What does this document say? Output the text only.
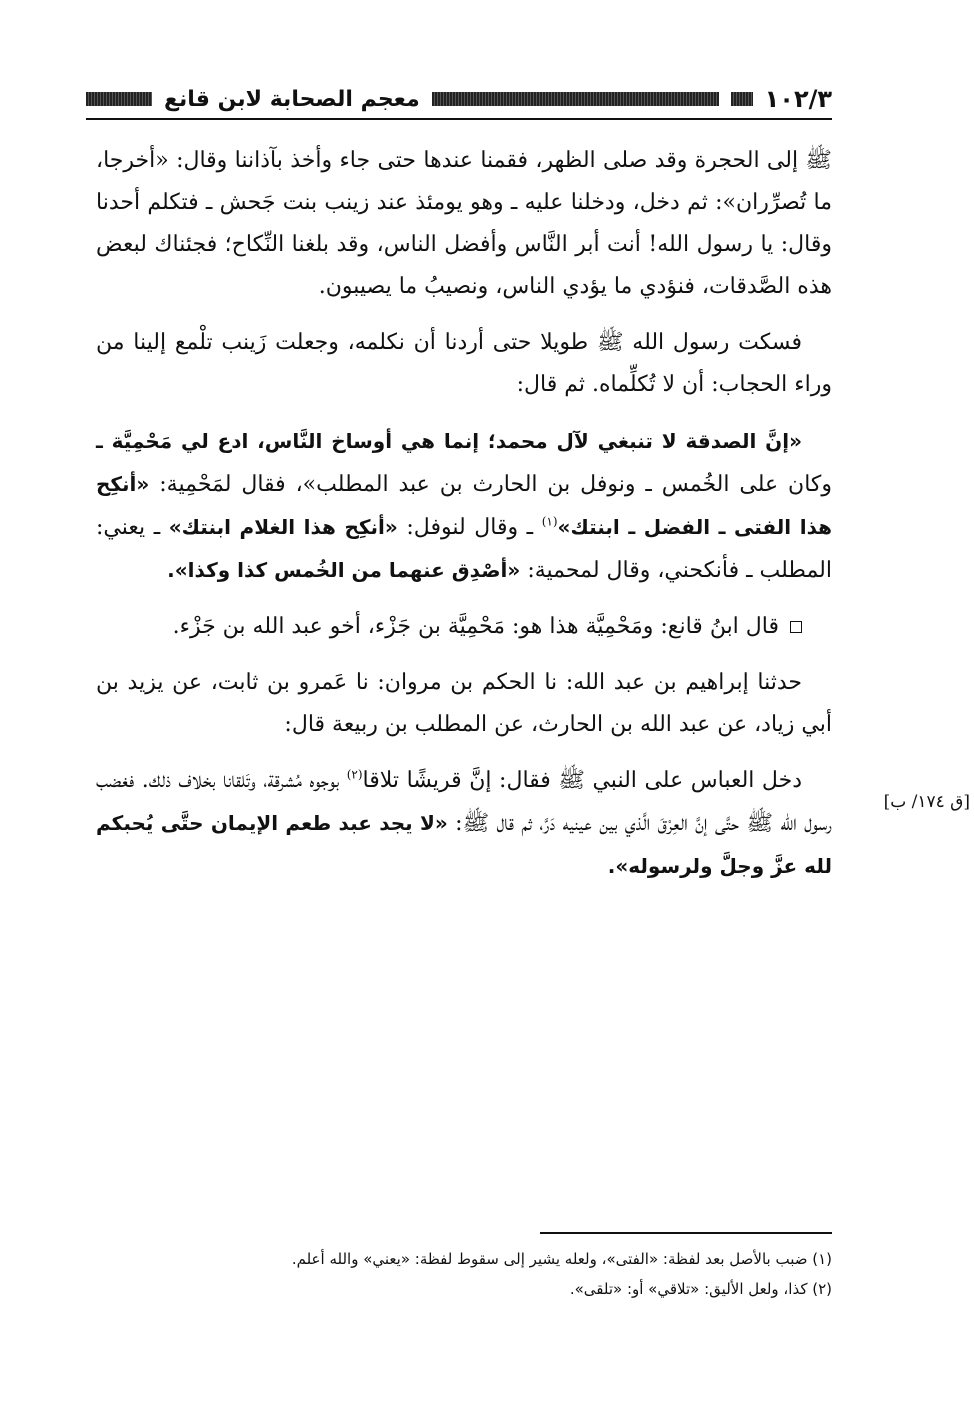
١٠٢/٣
معجم الصحابة لابن قانع

ﷺ إلى الحجرة وقد صلى الظهر، فقمنا عندها حتى جاء وأخذ بآذاننا وقال: «أخرجا، ما تُصرِّران»: ثم دخل، ودخلنا عليه ـ وهو يومئذ عند زينب بنت جَحش ـ فتكلم أحدنا وقال: يا رسول الله! أنت أبر النَّاس وأفضل الناس، وقد بلغنا النِّكاح؛ فجئناك لبعض هذه الصَّدقات، فنؤدي ما يؤدي الناس، ونصيبُ ما يصيبون.

فسكت رسول الله ﷺ طويلا حتى أردنا أن نكلمه، وجعلت زَينب تلْمع إلينا من وراء الحجاب: أن لا تُكلِّماه. ثم قال:

«إنَّ الصدقة لا تنبغي لآل محمد؛ إنما هي أوساخ النَّاس، ادع لي مَحْمِيَّة ـ وكان على الخُمس ـ ونوفل بن الحارث بن عبد المطلب»، فقال لمَحْمِية: «أنكِح هذا الفتى ـ الفضل ـ ابنتك»$^{(١)}$ ـ وقال لنوفل: «أنكِح هذا الغلام ابنتك» ـ يعني: المطلب ـ فأنكحني، وقال لمحمية: «أصْدِق عنهما من الخُمس كذا وكذا».

قال ابنُ قانع: ومَحْمِيَّة هذا هو: مَحْمِيَّة بن جَزْء، أخو عبد الله بن جَزْء.

حدثنا إبراهيم بن عبد الله: نا الحكم بن مروان: نا عَمرو بن ثابت، عن يزيد بن أبي زياد، عن عبد الله بن الحارث، عن المطلب بن ربيعة قال:

دخل العباس على النبي ﷺ فقال: إنَّ قريشًا تلاقا$^{(٢)}$ بوجوه مُشرقة، وتَلقانا بخلاف ذلك. فغضب رسول الله ﷺ حتَّى إنَّ العِرْقَ الَّذي بين عينيه دَرَّ، ثم قال ﷺ: «لا يجد عبد طعم الإيمان حتَّى يُحبكم لله عزَّ وجلَّ ولرسوله».

[ق ١٧٤/ ب]
(١) ضبب بالأصل بعد لفظة: «الفتى»، ولعله يشير إلى سقوط لفظة: «يعني» والله أعلم.
(٢) كذا، ولعل الأليق: «تلاقي» أو: «تلقى».
